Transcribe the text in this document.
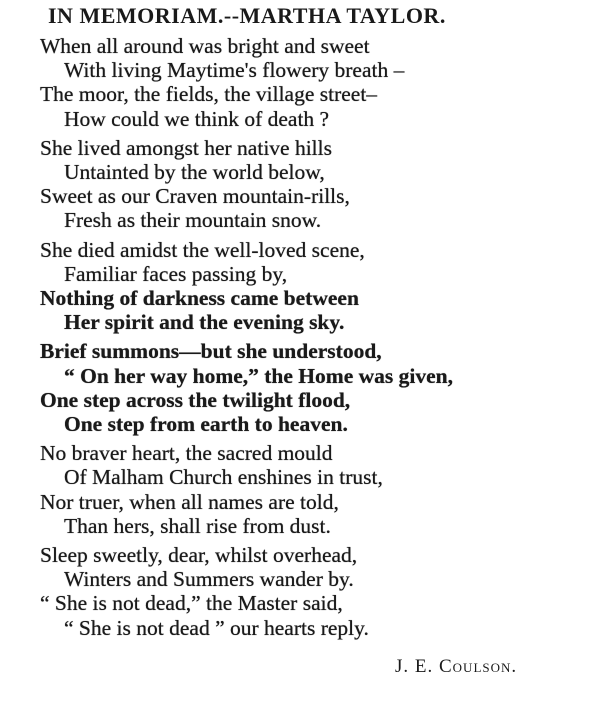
IN MEMORIAM.--MARTHA TAYLOR.
When all around was bright and sweet
With living Maytime's flowery breath –
The moor, the fields, the village street–
How could we think of death ?
She lived amongst her native hills
Untainted by the world below,
Sweet as our Craven mountain-rills,
Fresh as their mountain snow.
She died amidst the well-loved scene,
Familiar faces passing by,
Nothing of darkness came between
Her spirit and the evening sky.
Brief summons—but she understood,
“ On her way home,” the Home was given,
One step across the twilight flood,
One step from earth to heaven.
No braver heart, the sacred mould
Of Malham Church enshines in trust,
Nor truer, when all names are told,
Than hers, shall rise from dust.
Sleep sweetly, dear, whilst overhead,
Winters and Summers wander by.
“ She is not dead,” the Master said,
“ She is not dead ” our hearts reply.
J. E. Coulson.
